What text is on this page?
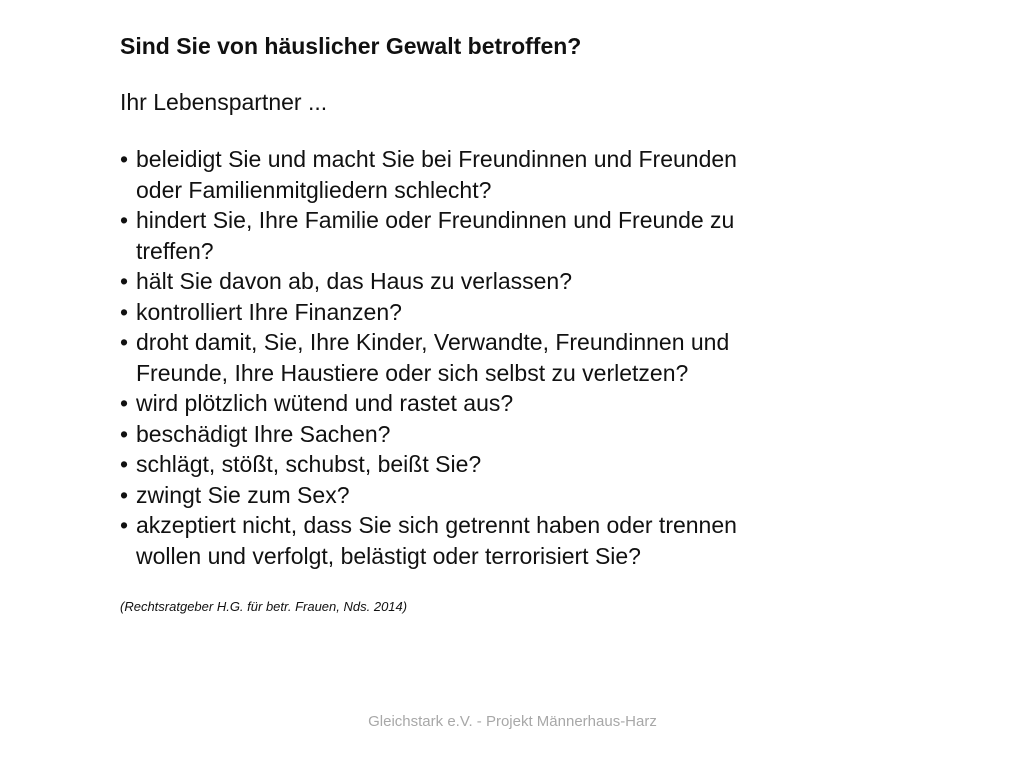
Sind Sie von häuslicher Gewalt betroffen?
Ihr Lebenspartner ...
• beleidigt Sie und macht Sie bei Freundinnen und Freunden oder Familienmitgliedern schlecht?
• hindert Sie, Ihre Familie oder Freundinnen und Freunde zu treffen?
• hält Sie davon ab, das Haus zu verlassen?
• kontrolliert Ihre Finanzen?
• droht damit, Sie, Ihre Kinder, Verwandte, Freundinnen und Freunde, Ihre Haustiere oder sich selbst zu verletzen?
• wird plötzlich wütend und rastet aus?
• beschädigt Ihre Sachen?
• schlägt, stößt, schubst, beißt Sie?
• zwingt Sie zum Sex?
• akzeptiert nicht, dass Sie sich getrennt haben oder trennen wollen und verfolgt, belästigt oder terrorisiert Sie?
(Rechtsratgeber H.G. für betr. Frauen, Nds. 2014)
Gleichstark e.V. - Projekt Männerhaus-Harz
